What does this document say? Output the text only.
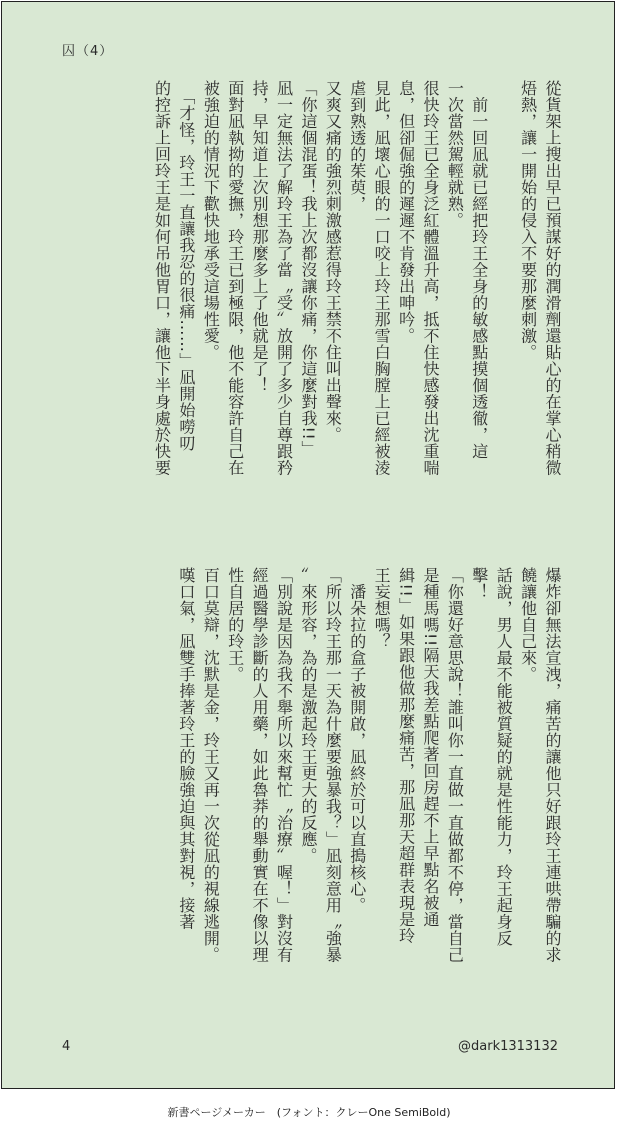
囚（4）

從貨架上搜出早已預謀好的潤滑劑還貼心的在掌心稍微

焐熱，讓一開始的侵入不要那麼刺激。

　前一回凪就已經把玲王全身的敏感點摸個透徹，這

一次當然駕輕就熟。

很快玲王已全身泛紅體溫升高，抵不住快感發出沈重喘

息，但卻倔強的遲遲不肯發出呻吟。

見此，凪壞心眼的一口咬上玲王那雪白胸膛上已經被淩

虐到熟透的茱萸，

又爽又痛的強烈刺激感惹得玲王禁不住叫出聲來。

「你這個混蛋！我上次都沒讓你痛，你這麼對我!!」

凪一定無法了解玲王為了當〝受〞放開了多少自尊跟矜

持，早知道上次別想那麼多上了他就是了！

面對凪執拗的愛撫，玲王已到極限，他不能容許自己在

被強迫的情況下歡快地承受這場性愛。

　「才怪，玲王一直讓我忍的很痛……」凪開始嘮叨

的控訴上回玲王是如何吊他胃口，讓他下半身處於快要

爆炸卻無法宣洩，痛苦的讓他只好跟玲王連哄帶騙的求

饒讓他自己來。

話說，男人最不能被質疑的就是性能力，玲王起身反

擊！

「你還好意思說！誰叫你一直做一直做都不停，當自己

是種馬嗎!!隔天我差點爬著回房趕不上早點名被通

緝!!」如果跟他做那麼痛苦，那凪那天超群表現是玲

王妄想嗎？

　潘朵拉的盒子被開啟，凪終於可以直搗核心。

「所以玲王那一天為什麼要強暴我？」凪刻意用〝強暴

〞來形容，為的是激起玲王更大的反應。

「別說是因為我不舉所以來幫忙〝治療〞喔！」對沒有

經過醫學診斷的人用藥，如此魯莽的舉動實在不像以理

性自居的玲王。

百口莫辯，沈默是金，玲王又再一次從凪的視線逃開。

嘆口氣，凪雙手捧著玲王的臉強迫與其對視，接著

4	@dark1313132
新書ページメーカー　(フォント：クレーOne SemiBold)
